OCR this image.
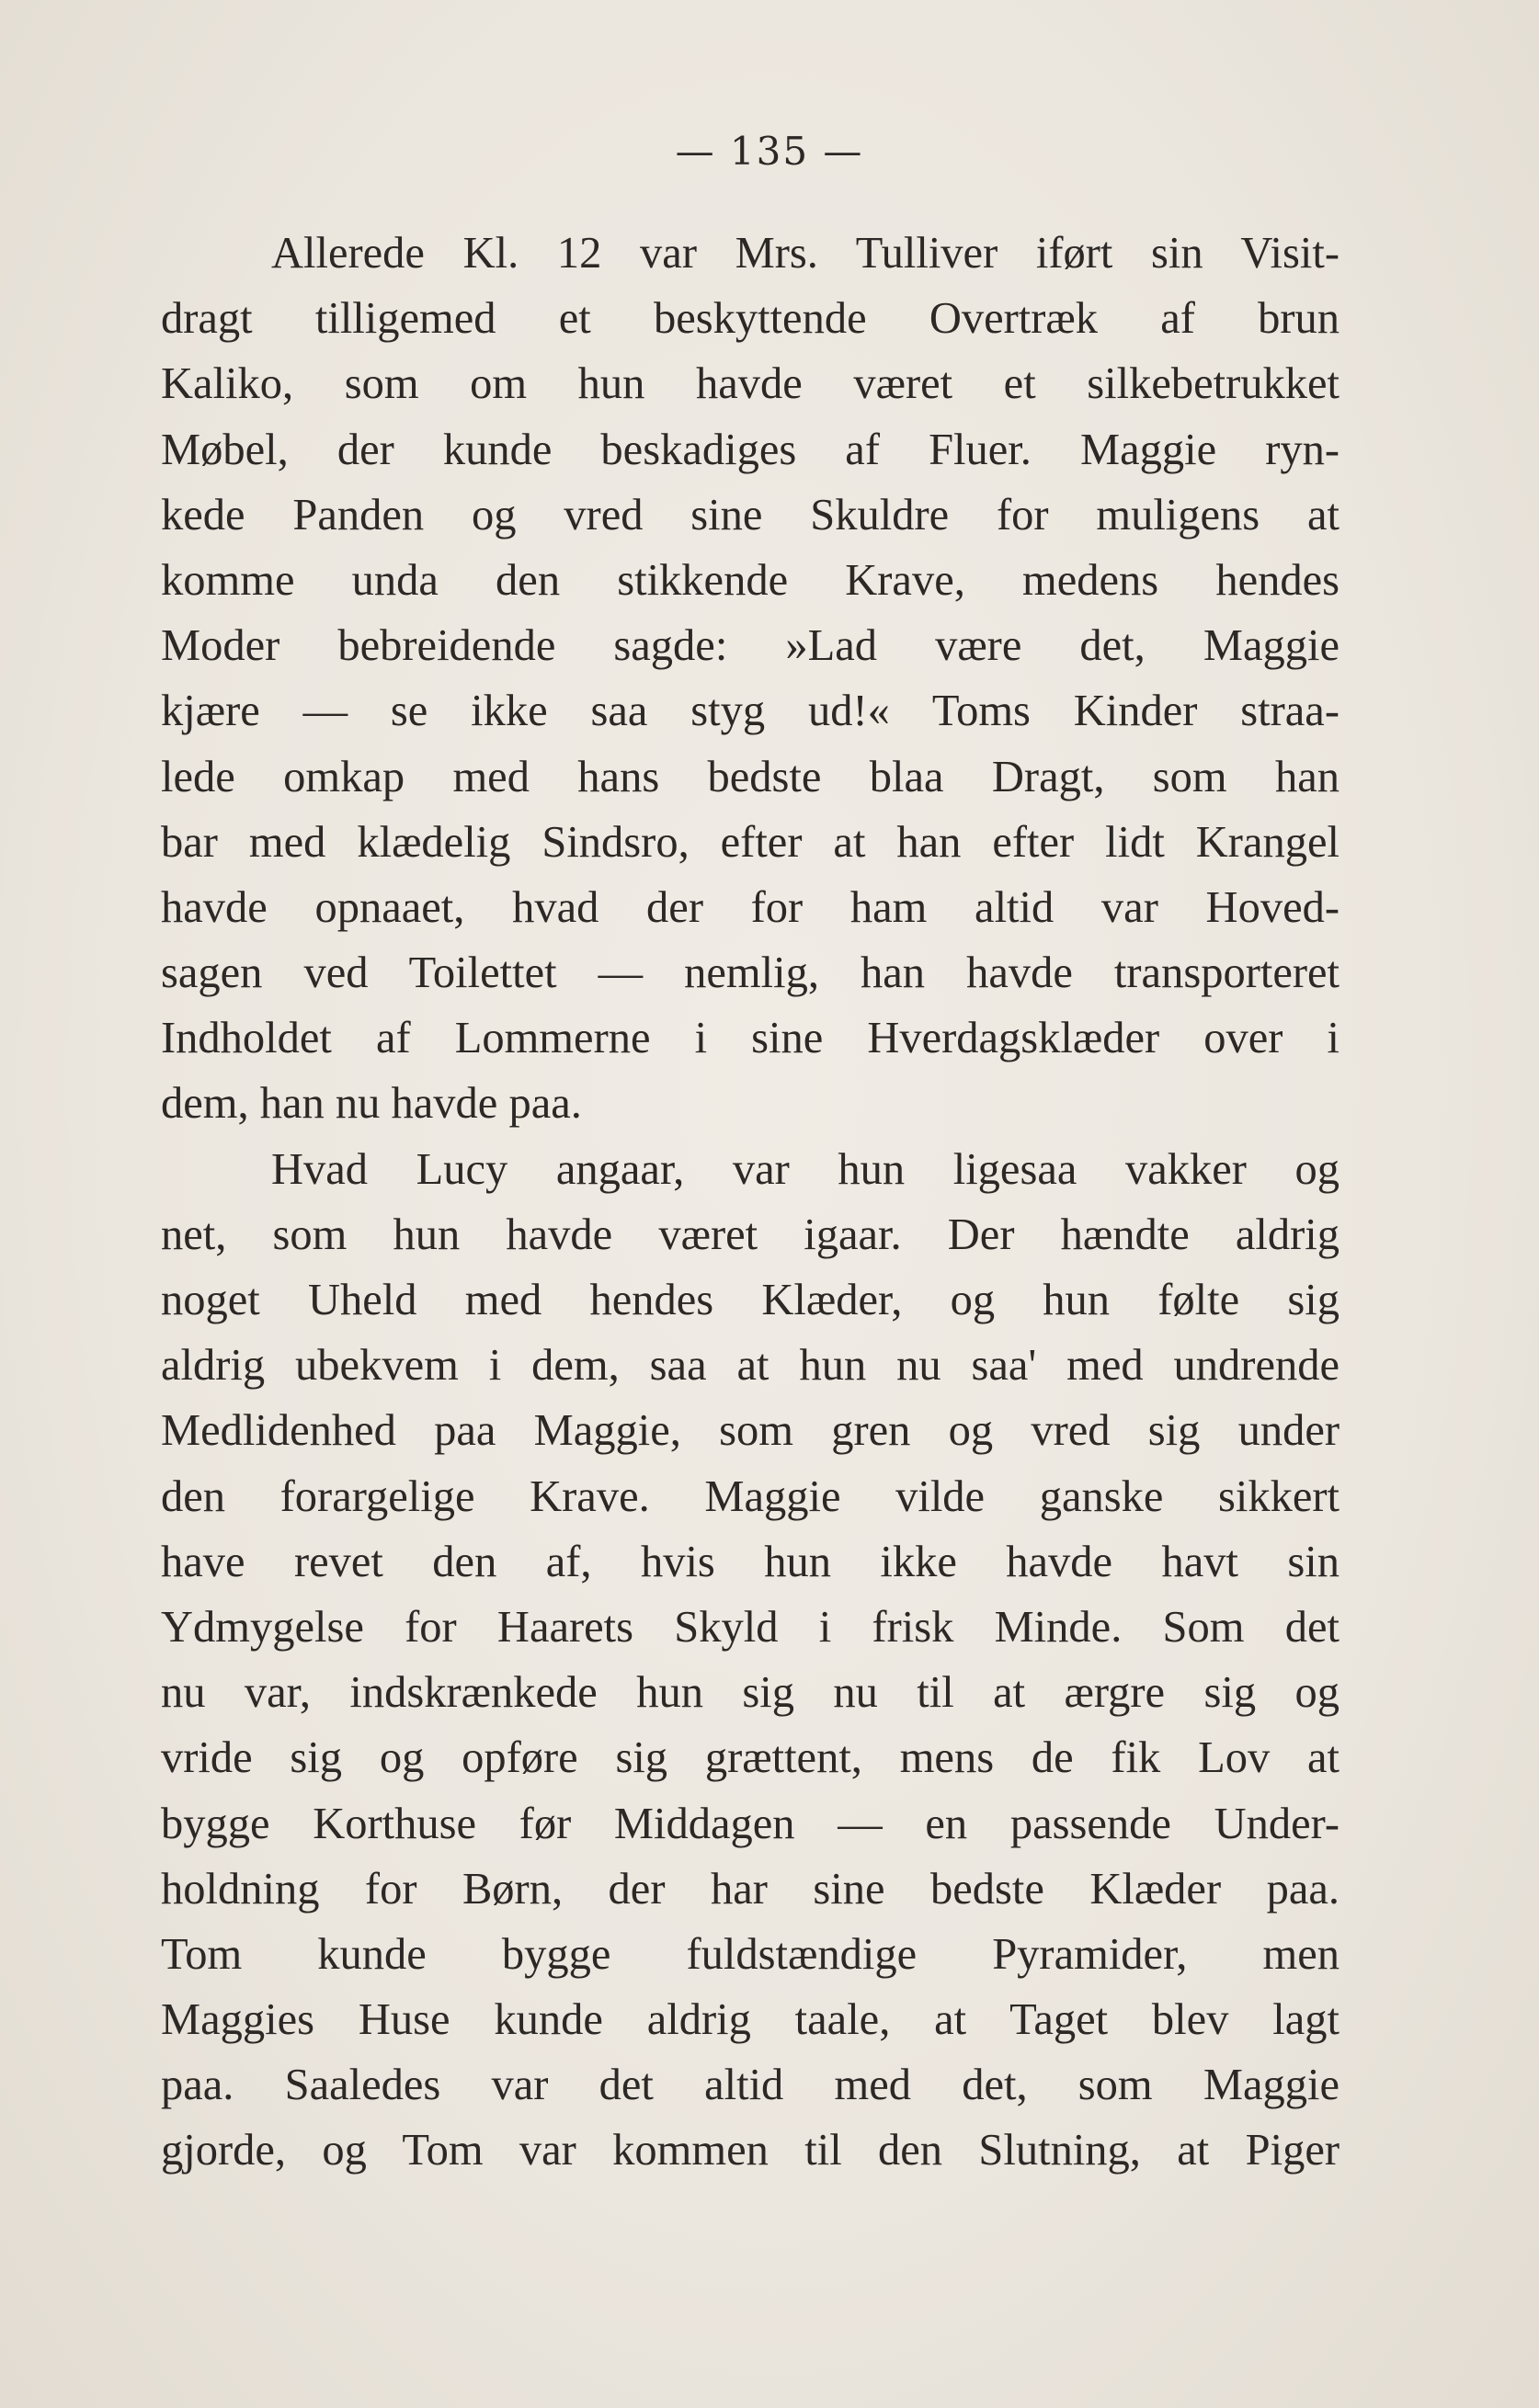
— 135 —
Allerede Kl. 12 var Mrs. Tulliver iført sin Visit-
dragt tilligemed et beskyttende Overtræk af brun
Kaliko, som om hun havde været et silkebetrukket
Møbel, der kunde beskadiges af Fluer. Maggie ryn-
kede Panden og vred sine Skuldre for muligens at
komme unda den stikkende Krave, medens hendes
Moder bebreidende sagde: »Lad være det, Maggie
kjære — se ikke saa styg ud!« Toms Kinder straa-
lede omkap med hans bedste blaa Dragt, som han
bar med klædelig Sindsro, efter at han efter lidt Krangel
havde opnaaet, hvad der for ham altid var Hoved-
sagen ved Toilettet — nemlig, han havde transporteret
Indholdet af Lommerne i sine Hverdagsklæder over i
dem, han nu havde paa.
Hvad Lucy angaar, var hun ligesaa vakker og
net, som hun havde været igaar. Der hændte aldrig
noget Uheld med hendes Klæder, og hun følte sig
aldrig ubekvem i dem, saa at hun nu saa' med undrende
Medlidenhed paa Maggie, som gren og vred sig under
den forargelige Krave. Maggie vilde ganske sikkert
have revet den af, hvis hun ikke havde havt sin
Ydmygelse for Haarets Skyld i frisk Minde. Som det
nu var, indskrænkede hun sig nu til at ærgre sig og
vride sig og opføre sig grættent, mens de fik Lov at
bygge Korthuse før Middagen — en passende Under-
holdning for Børn, der har sine bedste Klæder paa.
Tom kunde bygge fuldstændige Pyramider, men
Maggies Huse kunde aldrig taale, at Taget blev lagt
paa. Saaledes var det altid med det, som Maggie
gjorde, og Tom var kommen til den Slutning, at Piger
